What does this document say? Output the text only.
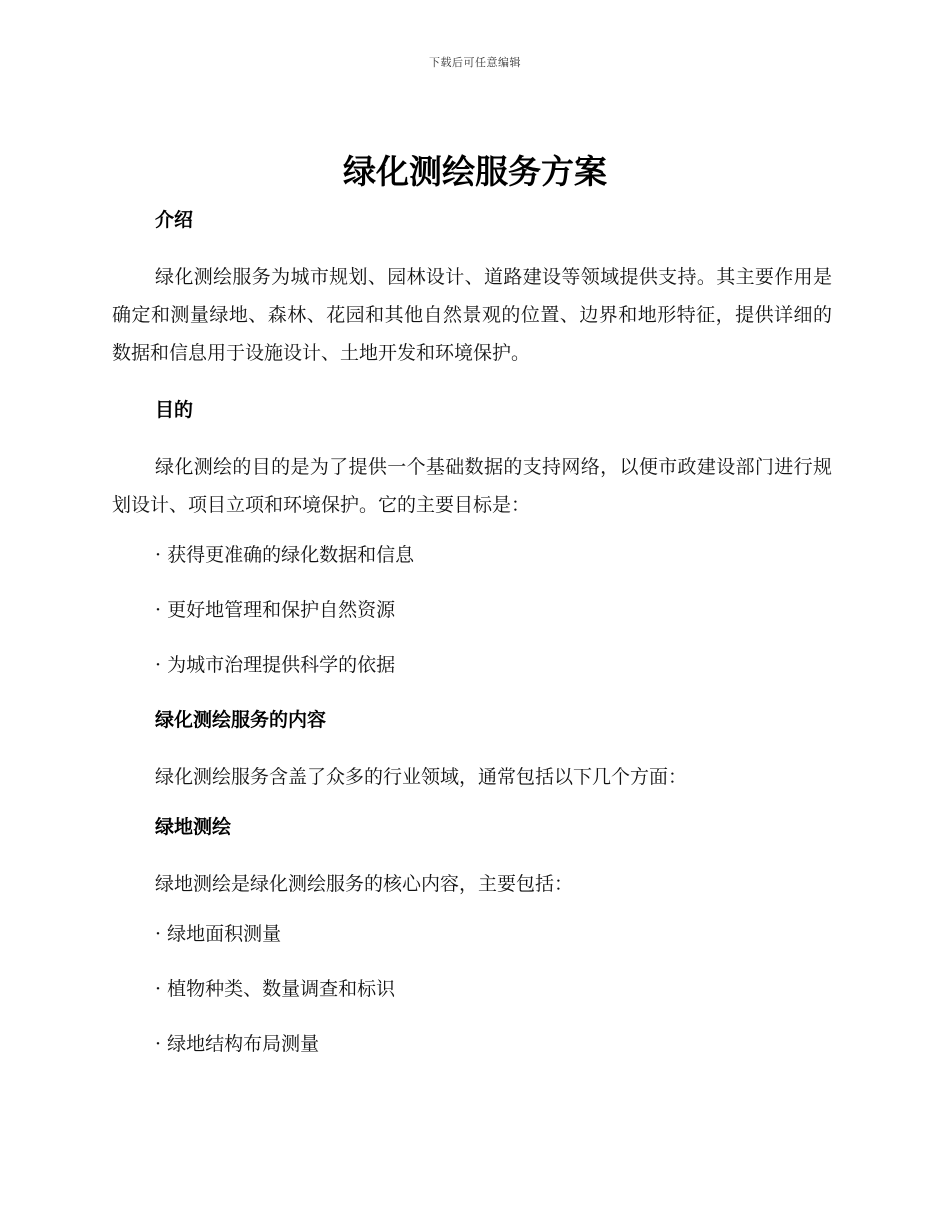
下载后可任意编辑
绿化测绘服务方案
介绍

绿化测绘服务为城市规划、园林设计、道路建设等领域提供支持。其主要作用是确定和测量绿地、森林、花园和其他自然景观的位置、边界和地形特征，提供详细的数据和信息用于设施设计、土地开发和环境保护。

目的

绿化测绘的目的是为了提供一个基础数据的支持网络，以便市政建设部门进行规划设计、项目立项和环境保护。它的主要目标是：

· 获得更准确的绿化数据和信息
· 更好地管理和保护自然资源
· 为城市治理提供科学的依据
绿化测绘服务的内容

绿化测绘服务含盖了众多的行业领域，通常包括以下几个方面：

绿地测绘

绿地测绘是绿化测绘服务的核心内容，主要包括：

· 绿地面积测量
· 植物种类、数量调查和标识
· 绿地结构布局测量
